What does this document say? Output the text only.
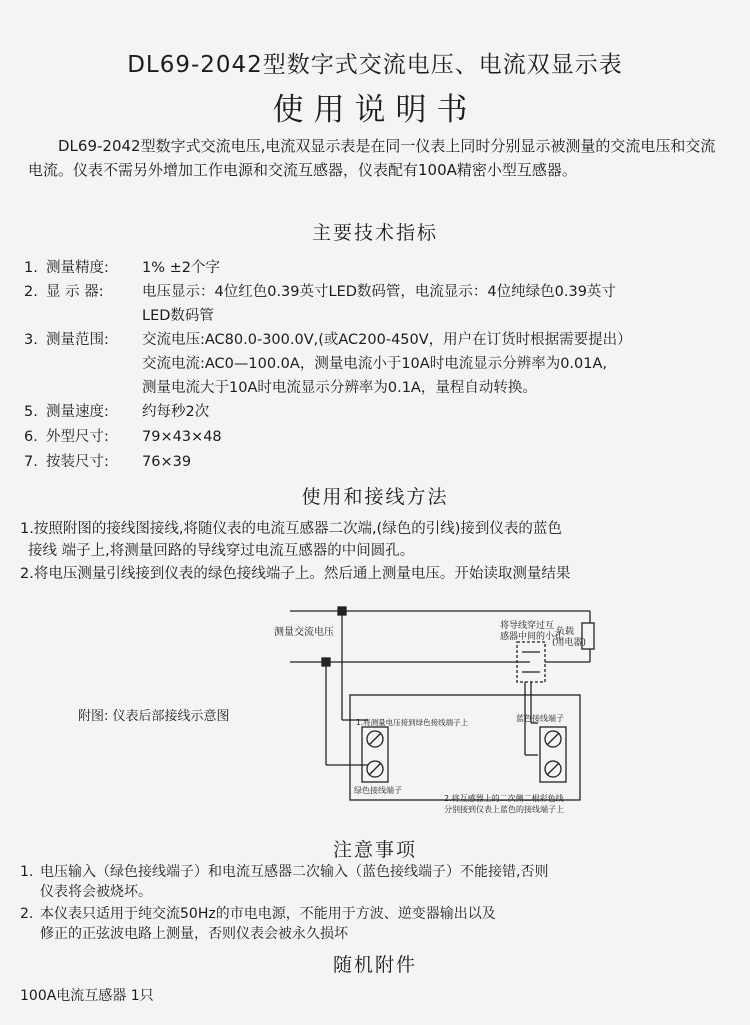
DL69-2042型数字式交流电压、电流双显示表
使用说明书
DL69-2042型数字式交流电压,电流双显示表是在同一仪表上同时分别显示被测量的交流电压和交流电流。仪表不需另外增加工作电源和交流互感器，仪表配有100A精密小型互感器。
主要技术指标
1. 测量精度:	1% ±2个字
2. 显 示 器:	电压显示：4位红色0.39英寸LED数码管，电流显示：4位纯绿色0.39英寸
LED数码管
3. 测量范围:	交流电压:AC80.0-300.0V,(或AC200-450V，用户在订货时根据需要提出）
交流电流:AC0—100.0A，测量电流小于10A时电流显示分辨率为0.01A,
测量电流大于10A时电流显示分辨率为0.1A，量程自动转换。
5. 测量速度:	约每秒2次
6. 外型尺寸:	79×43×48
7. 按装尺寸:	76×39
使用和接线方法
1.按照附图的接线图接线,将随仪表的电流互感器二次端,(绿色的引线)接到仪表的蓝色
接线 端子上,将测量回路的导线穿过电流互感器的中间圆孔。
2.将电压测量引线接到仪表的绿色接线端子上。然后通上测量电压。开始读取测量结果
测量交流电压
将导线穿过互
感器中间的小孔
负载
(用电器)
1.将测量电压接到绿色接线端子上	蓝色接线端子
绿色接线端子
2.将互感器上的二次侧二根彩色线
分别接到仪表上蓝色的接线端子上
附图: 仪表后部接线示意图
注意事项
1. 电压输入（绿色接线端子）和电流互感器二次输入（蓝色接线端子）不能接错,否则
仪表将会被烧坏。
2. 本仪表只适用于纯交流50Hz的市电电源，不能用于方波、逆变器输出以及
修正的正弦波电路上测量，否则仪表会被永久损坏
随机附件
100A电流互感器 1只
